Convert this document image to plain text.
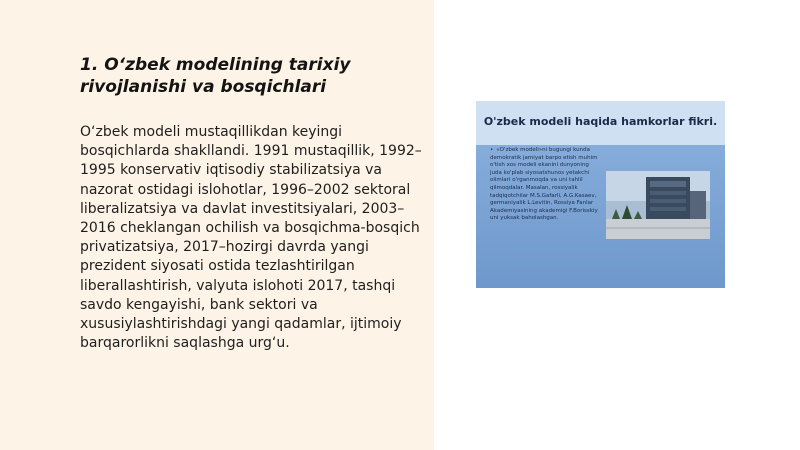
1. O‘zbek modelining tarixiy rivojlanishi va bosqichlari

O‘zbek modeli mustaqillikdan keyingi bosqichlarda shakllandi. 1991 mustaqillik, 1992–1995 konservativ iqtisodiy stabilizatsiya va nazorat ostidagi islohotlar, 1996–2002 sektoral liberalizatsiya va davlat investitsiyalari, 2003–2016 cheklangan ochilish va bosqichma-bosqich privatizatsiya, 2017–hozirgi davrda yangi prezident siyosati ostida tezlashtirilgan liberallashtirish, valyuta islohoti 2017, tashqi savdo kengayishi, bank sektori va xususiylashtirishdagi yangi qadamlar, ijtimoiy barqarorlikni saqlashga urg‘u.

O'zbek modeli haqida hamkorlar fikri.
• «O'zbek modeli»ni bugungi kunda demokratik jamiyat barpo etish muhim o'tish xos modeli ekanini dunyoning juda ko'plab siyosatshunos yetakchi olimlari o'rganmoqda va uni tahlil qilmoqdalar. Masalan, rossiyalik tadqiqotchilar M.S.Gafarli, A.G.Kasaev, germaniyalik L.Levitin, Rossiya Fanlar Akademiyasining akademigi F.Borisskiy uni yuksak baholashgan.
